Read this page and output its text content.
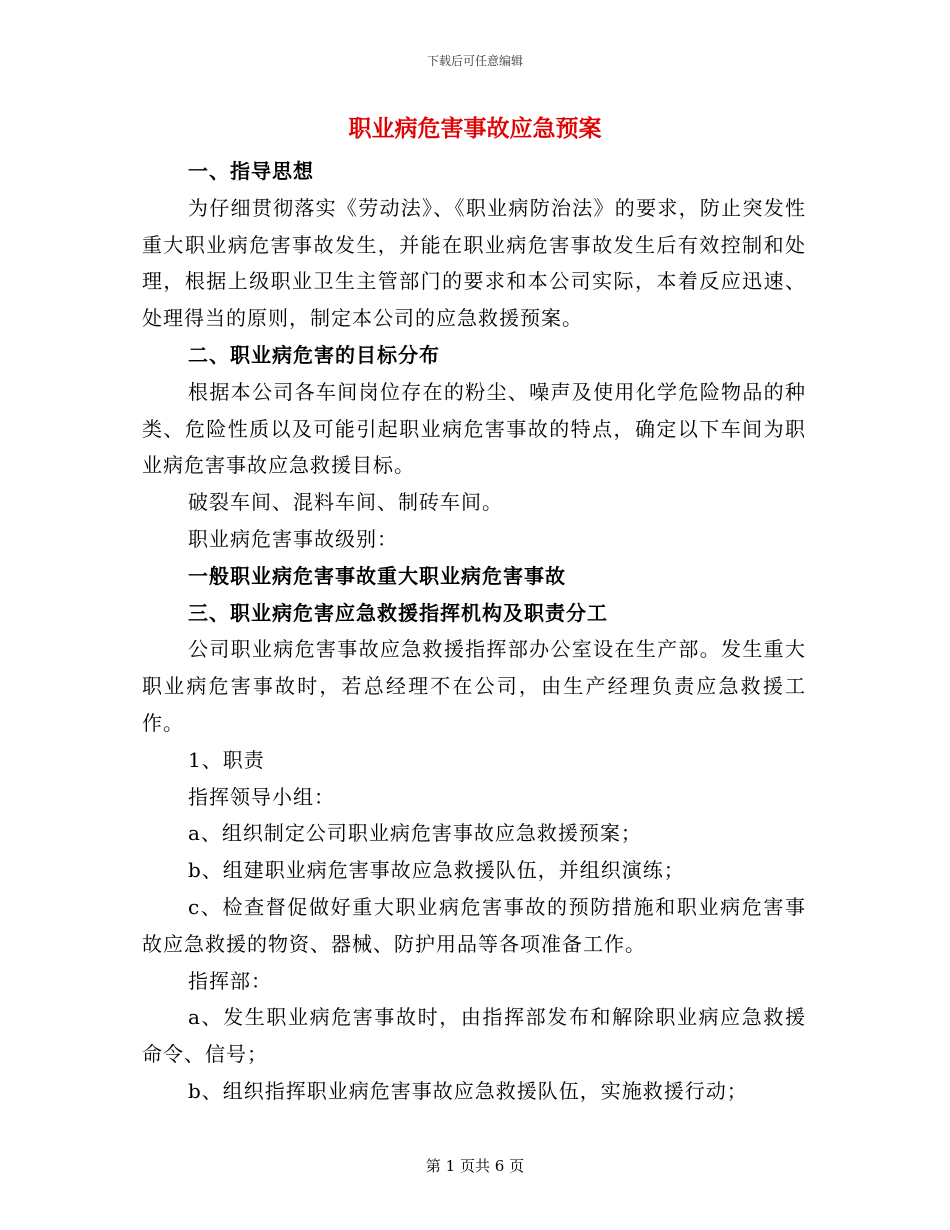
下载后可任意编辑
职业病危害事故应急预案

一、指导思想

为仔细贯彻落实《劳动法》、《职业病防治法》的要求，防止突发性重大职业病危害事故发生，并能在职业病危害事故发生后有效控制和处理，根据上级职业卫生主管部门的要求和本公司实际，本着反应迅速、处理得当的原则，制定本公司的应急救援预案。

二、职业病危害的目标分布

根据本公司各车间岗位存在的粉尘、噪声及使用化学危险物品的种类、危险性质以及可能引起职业病危害事故的特点，确定以下车间为职业病危害事故应急救援目标。

破裂车间、混料车间、制砖车间。

职业病危害事故级别：

一般职业病危害事故重大职业病危害事故

三、职业病危害应急救援指挥机构及职责分工

公司职业病危害事故应急救援指挥部办公室设在生产部。发生重大职业病危害事故时，若总经理不在公司，由生产经理负责应急救援工作。

1、职责

指挥领导小组：

a、组织制定公司职业病危害事故应急救援预案；

b、组建职业病危害事故应急救援队伍，并组织演练；

c、检查督促做好重大职业病危害事故的预防措施和职业病危害事故应急救援的物资、器械、防护用品等各项准备工作。

指挥部：

a、发生职业病危害事故时，由指挥部发布和解除职业病应急救援命令、信号；

b、组织指挥职业病危害事故应急救援队伍，实施救援行动；

第 1 页共 6 页
